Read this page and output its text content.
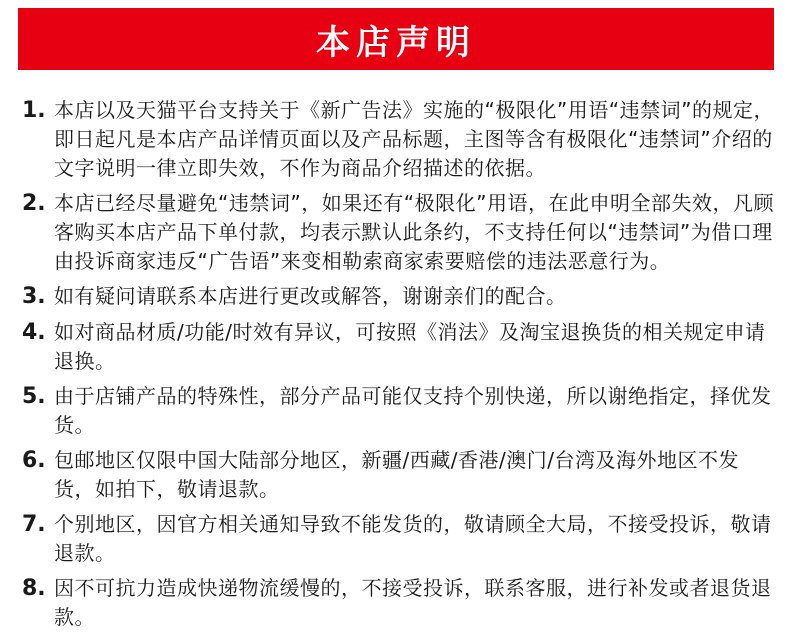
本店声明
1. 本店以及天猫平台支持关于《新广告法》实施的“极限化”用语“违禁词”的规定，即日起凡是本店产品详情页面以及产品标题，主图等含有极限化“违禁词”介绍的文字说明一律立即失效，不作为商品介绍描述的依据。
2. 本店已经尽量避免“违禁词”，如果还有“极限化”用语，在此申明全部失效，凡顾客购买本店产品下单付款，均表示默认此条约，不支持任何以“违禁词”为借口理由投诉商家违反“广告语”来变相勒索商家索要赔偿的违法恶意行为。
3. 如有疑问请联系本店进行更改或解答，谢谢亲们的配合。
4. 如对商品材质/功能/时效有异议，可按照《消法》及淘宝退换货的相关规定申请退换。
5. 由于店铺产品的特殊性，部分产品可能仅支持个别快递，所以谢绝指定，择优发货。
6. 包邮地区仅限中国大陆部分地区，新疆/西藏/香港/澳门/台湾及海外地区不发货，如拍下，敬请退款。
7. 个别地区，因官方相关通知导致不能发货的，敬请顾全大局，不接受投诉，敬请退款。
8. 因不可抗力造成快递物流缓慢的，不接受投诉，联系客服，进行补发或者退货退款。
